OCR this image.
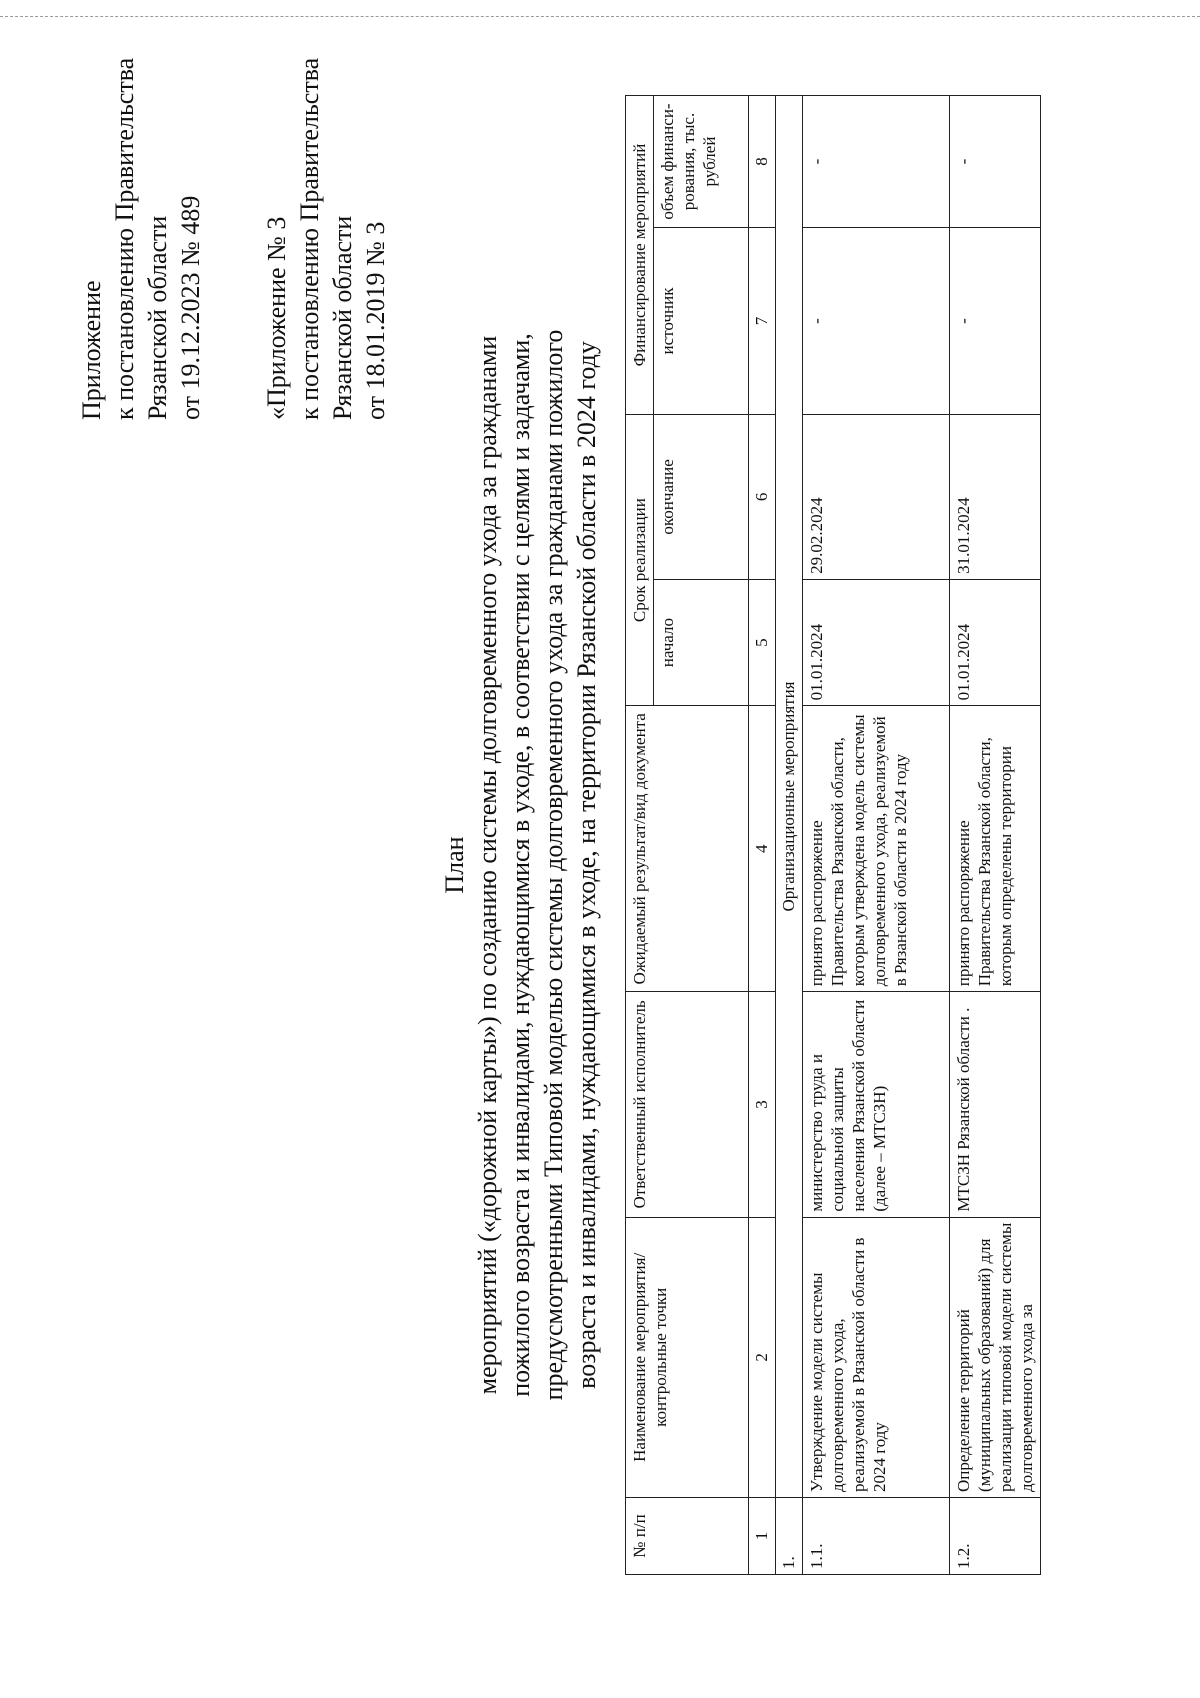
Приложение к постановлению Правительства Рязанской области от 19.12.2023 № 489 «Приложение № 3 к постановлению Правительства Рязанской области от 18.01.2019 № 3
План мероприятий («дорожной карты») по созданию системы долговременного ухода за гражданами пожилого возраста и инвалидами, нуждающимися в уходе, в соответствии с целями и задачами, предусмотренными Типовой моделью системы долговременного ухода за гражданами пожилого возраста и инвалидами, нуждающимися в уходе, на территории Рязанской области в 2024 году
№ п/п	Наименование мероприятия/ контрольные точки	Ответственный исполнитель	Ожидаемый результат/вид документа	Срок реализации		Финансирование мероприятий	
				начало	окончание	источник	объем финанси-рования, тыс. рублей
1	2	3	4	5	6	7	8
1.	Организационные мероприятия						
1.1.	Утверждение модели системы долговременного ухода, реализуемой в Рязанской области в 2024 году	министерство труда и социальной защиты населения Рязанской области (далее – МТСЗН)	принято распоряжение Правительства Рязанской области, которым утверждена модель системы долговременного ухода, реализуемой в Рязанской области в 2024 году	01.01.2024	29.02.2024	-	-
1.2.	Определение территорий (муниципальных образований) для реализации типовой модели системы долговременного ухода за	МТСЗН Рязанской области .	принято распоряжение Правительства Рязанской области, которым определены территории	01.01.2024	31.01.2024	-	-
